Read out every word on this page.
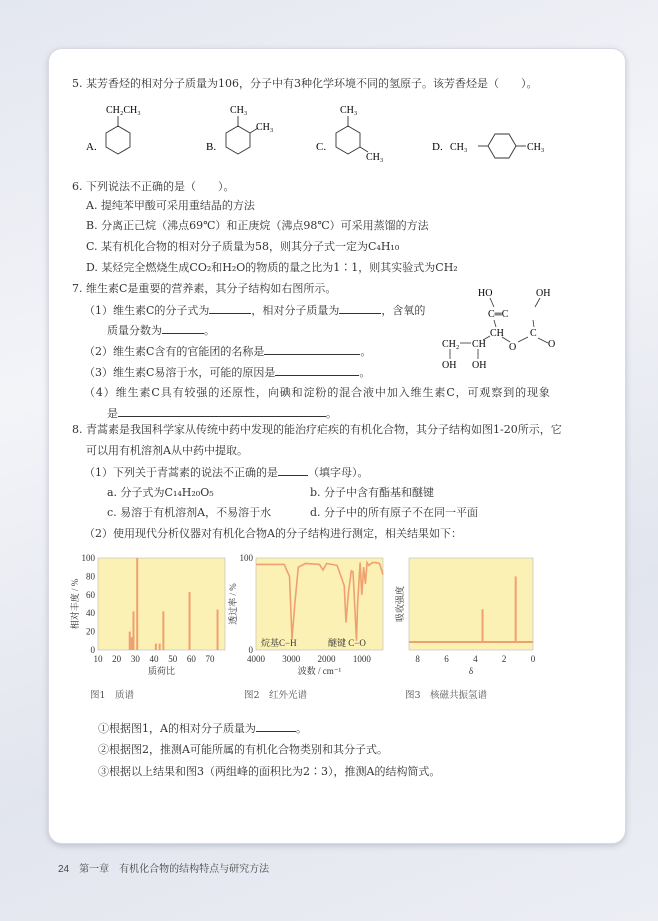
5. 某芳香烃的相对分子质量为106，分子中有3种化学环境不同的氢原子。该芳香烃是（　　）。
A.
CH₂CH₃
B.
CH₃
CH₃
C.
CH₃
CH₃
D. CH₃	CH₃
6. 下列说法不正确的是（　　）。
A. 提纯苯甲酸可采用重结晶的方法
B. 分离正己烷（沸点69℃）和正庚烷（沸点98℃）可采用蒸馏的方法
C. 某有机化合物的相对分子质量为58，则其分子式一定为C₄H₁₀
D. 某烃完全燃烧生成CO₂和H₂O的物质的量之比为1∶1，则其实验式为CH₂
7. 维生素C是重要的营养素，其分子结构如右图所示。
（1）维生素C的分子式为	，相对分子质量为	，含氧的
质量分数为	。
（2）维生素C含有的官能团的名称是	。
（3）维生素C易溶于水，可能的原因是	。
（4）维生素C具有较强的还原性，向碘和淀粉的混合液中加入维生素C，可观察到的现象
是	。
HO	OH
C═C
CH	C
O	O
CH₂ CH
OH OH
8. 青蒿素是我国科学家从传统中药中发现的能治疗疟疾的有机化合物，其分子结构如图1-20所示，它
可以用有机溶剂A从中药中提取。
（1）下列关于青蒿素的说法不正确的是	（填字母）。
a. 分子式为C₁₄H₂₀O₅	b. 分子中含有酯基和醚键
c. 易溶于有机溶剂A，不易溶于水	d. 分子中的所有原子不在同一平面
（2）使用现代分析仪器对有机化合物A的分子结构进行测定，相关结果如下：
10 20 30 40 50 60 70
0
20
40
60
80
100
质荷比
相对丰度 / %
4000 3000 2000 1000
0
100
波数 / cm⁻¹
透过率 / %
烷基C−H	醚键 C−O
8	6	4	2	0
δ
吸收强度
图1　质谱	图2　红外光谱	图3　核磁共振氢谱
①根据图1，A的相对分子质量为	。
②根据图2，推测A可能所属的有机化合物类别和其分子式。
③根据以上结果和图3（两组峰的面积比为2∶3），推测A的结构简式。
24　 第一章　有机化合物的结构特点与研究方法
